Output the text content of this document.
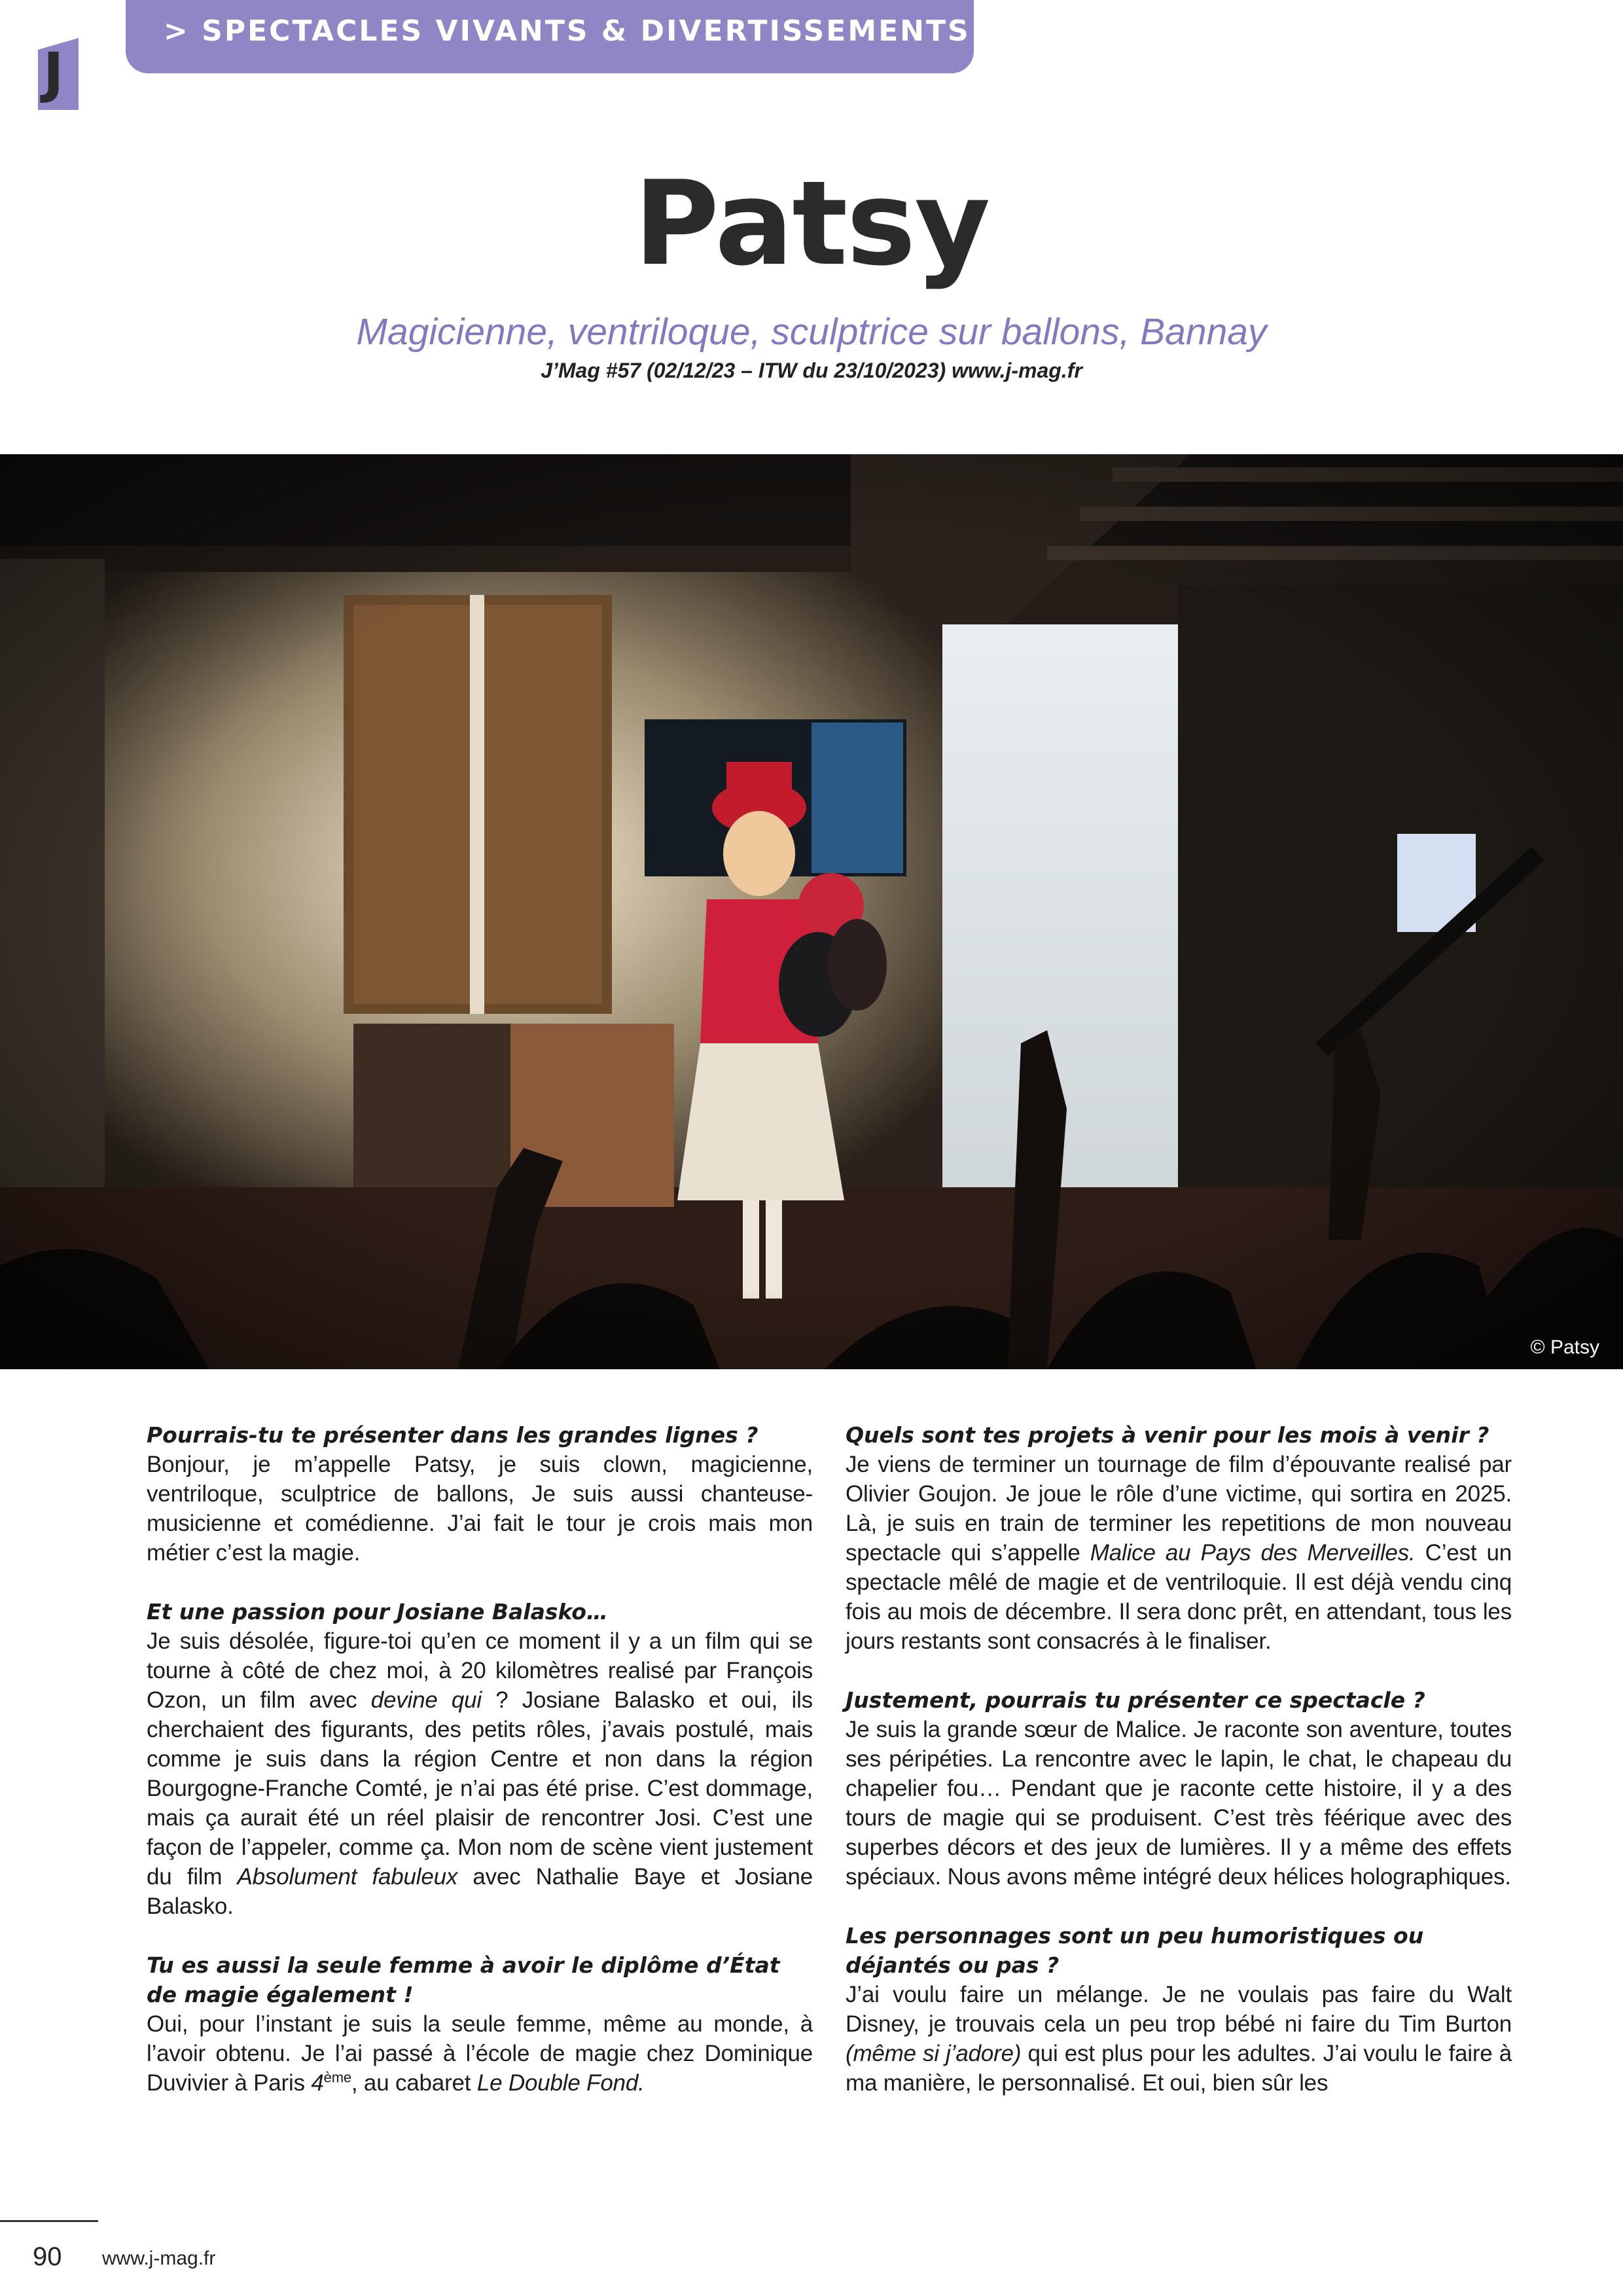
J
> SPECTACLES VIVANTS & DIVERTISSEMENTS
Patsy
Magicienne, ventriloque, sculptrice sur ballons, Bannay
J’Mag #57 (02/12/23 – ITW du 23/10/2023) www.j-mag.fr
© Patsy

Pourrais-tu te présenter dans les grandes lignes ?

Bonjour, je m’appelle Patsy, je suis clown, magicienne, ventriloque, sculptrice de ballons, Je suis aussi chanteuse- musicienne et comédienne. J’ai fait le tour je crois mais mon métier c’est la magie.

Et une passion pour Josiane Balasko…

Je suis désolée, figure-toi qu’en ce moment il y a un film qui se tourne à côté de chez moi, à 20 kilomètres realisé par François Ozon, un film avec devine qui ? Josiane Balasko et oui, ils cherchaient des figurants, des petits rôles, j’avais postulé, mais comme je suis dans la région Centre et non dans la région Bourgogne-Franche Comté, je n’ai pas été prise. C’est dommage, mais ça aurait été un réel plaisir de rencontrer Josi. C’est une façon de l’appeler, comme ça. Mon nom de scène vient justement du film Absolument fabuleux avec Nathalie Baye et Josiane Balasko.

Tu es aussi la seule femme à avoir le diplôme d’État de magie également !

Oui, pour l’instant je suis la seule femme, même au monde, à l’avoir obtenu. Je l’ai passé à l’école de magie chez Dominique Duvivier à Paris 4ème, au cabaret Le Double Fond.

Quels sont tes projets à venir pour les mois à venir ?

Je viens de terminer un tournage de film d’épouvante realisé par Olivier Goujon. Je joue le rôle d’une victime, qui sortira en 2025. Là, je suis en train de terminer les repetitions de mon nouveau spectacle qui s’appelle Malice au Pays des Merveilles. C’est un spectacle mêlé de magie et de ventriloquie. Il est déjà vendu cinq fois au mois de décembre. Il sera donc prêt, en attendant, tous les jours restants sont consacrés à le finaliser.

Justement, pourrais tu présenter ce spectacle ?

Je suis la grande sœur de Malice. Je raconte son aventure, toutes ses péripéties. La rencontre avec le lapin, le chat, le chapeau du chapelier fou… Pendant que je raconte cette histoire, il y a des tours de magie qui se produisent. C’est très féérique avec des superbes décors et des jeux de lumières. Il y a même des effets spéciaux. Nous avons même intégré deux hélices holographiques.

Les personnages sont un peu humoristiques ou déjantés ou pas ?

J’ai voulu faire un mélange. Je ne voulais pas faire du Walt Disney, je trouvais cela un peu trop bébé ni faire du Tim Burton (même si j’adore) qui est plus pour les adultes. J’ai voulu le faire à ma manière, le personnalisé. Et oui, bien sûr les

90 www.j-mag.fr
